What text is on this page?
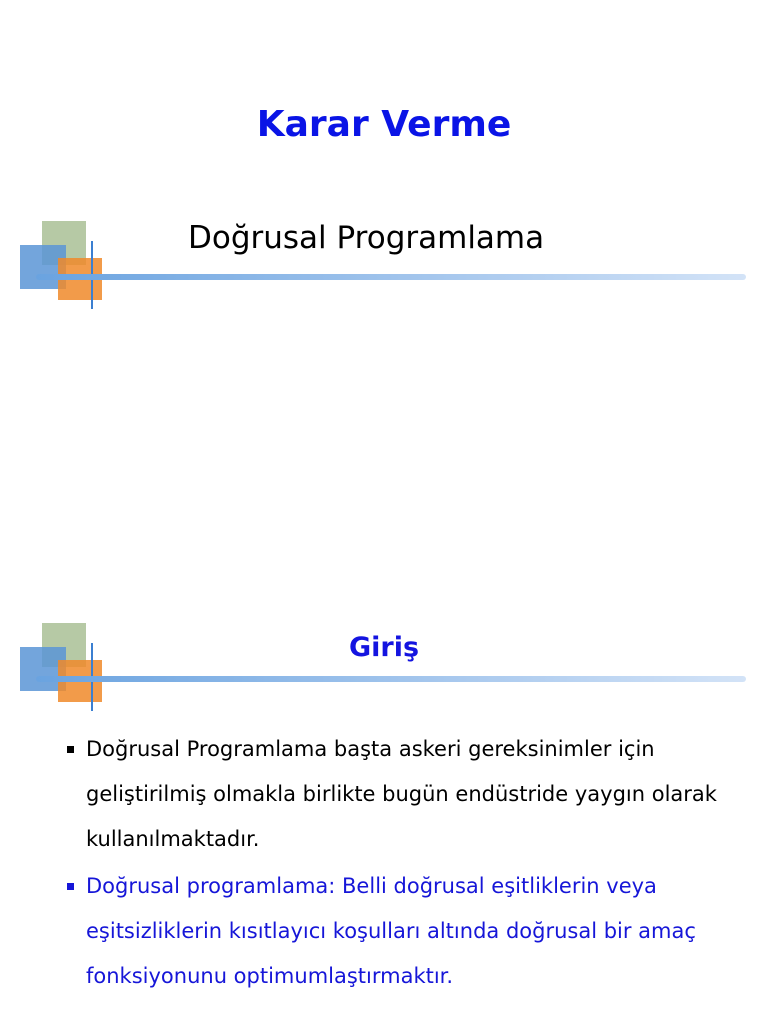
Karar Verme
Doğrusal Programlama
Giriş
Doğrusal Programlama başta askeri gereksinimler için geliştirilmiş olmakla birlikte bugün endüstride yaygın olarak kullanılmaktadır.
Doğrusal programlama: Belli doğrusal eşitliklerin veya eşitsizliklerin kısıtlayıcı koşulları altında doğrusal bir amaç fonksiyonunu optimumlaştırmaktır.
